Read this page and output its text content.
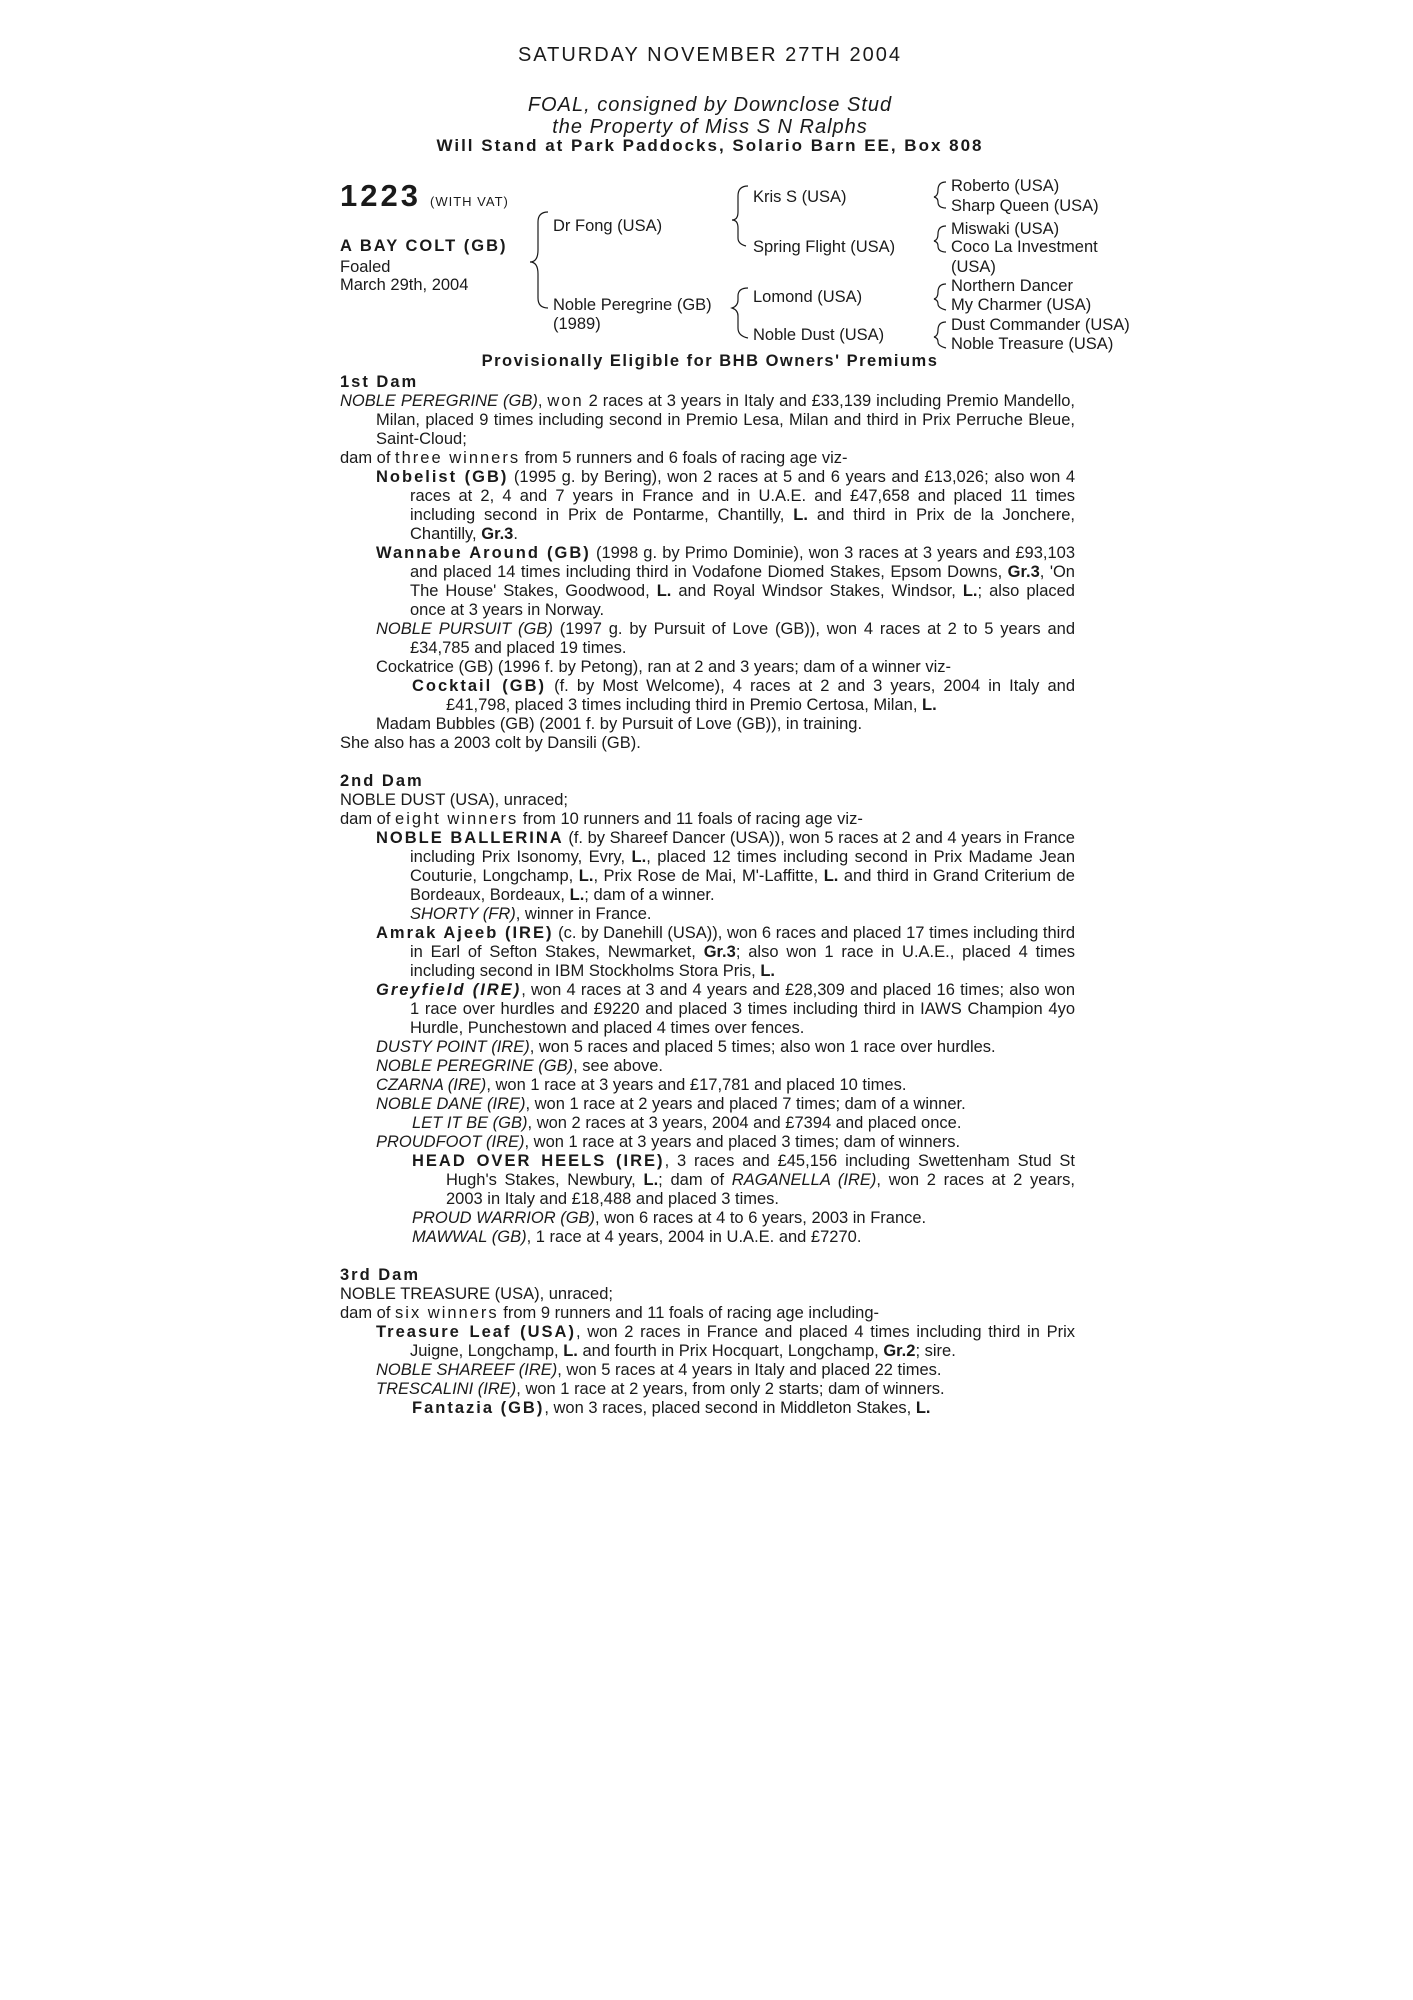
SATURDAY NOVEMBER 27TH 2004
FOAL, consigned by Downclose Stud
the Property of Miss S N Ralphs
Will Stand at Park Paddocks, Solario Barn EE, Box 808
1223 (WITH VAT)
A BAY COLT (GB)
Foaled
March 29th, 2004
Dr Fong (USA)
Noble Peregrine (GB)
(1989)
Kris S (USA)
Spring Flight (USA)
Lomond (USA)
Noble Dust (USA)
Roberto (USA)
Sharp Queen (USA)
Miswaki (USA)
Coco La Investment
(USA)
Northern Dancer
My Charmer (USA)
Dust Commander (USA)
Noble Treasure (USA)
Provisionally Eligible for BHB Owners' Premiums

1st Dam

NOBLE PEREGRINE (GB), won 2 races at 3 years in Italy and £33,139 including Premio Mandello, Milan, placed 9 times including second in Premio Lesa, Milan and third in Prix Perruche Bleue, Saint-Cloud;

dam of three winners from 5 runners and 6 foals of racing age viz-

Nobelist (GB) (1995 g. by Bering), won 2 races at 5 and 6 years and £13,026; also won 4 races at 2, 4 and 7 years in France and in U.A.E. and £47,658 and placed 11 times including second in Prix de Pontarme, Chantilly, L. and third in Prix de la Jonchere, Chantilly, Gr.3.

Wannabe Around (GB) (1998 g. by Primo Dominie), won 3 races at 3 years and £93,103 and placed 14 times including third in Vodafone Diomed Stakes, Epsom Downs, Gr.3, 'On The House' Stakes, Goodwood, L. and Royal Windsor Stakes, Windsor, L.; also placed once at 3 years in Norway.

NOBLE PURSUIT (GB) (1997 g. by Pursuit of Love (GB)), won 4 races at 2 to 5 years and £34,785 and placed 19 times.

Cockatrice (GB) (1996 f. by Petong), ran at 2 and 3 years; dam of a winner viz-

Cocktail (GB) (f. by Most Welcome), 4 races at 2 and 3 years, 2004 in Italy and £41,798, placed 3 times including third in Premio Certosa, Milan, L.

Madam Bubbles (GB) (2001 f. by Pursuit of Love (GB)), in training.

She also has a 2003 colt by Dansili (GB).

2nd Dam

NOBLE DUST (USA), unraced;

dam of eight winners from 10 runners and 11 foals of racing age viz-

NOBLE BALLERINA (f. by Shareef Dancer (USA)), won 5 races at 2 and 4 years in France including Prix Isonomy, Evry, L., placed 12 times including second in Prix Madame Jean Couturie, Longchamp, L., Prix Rose de Mai, M'-Laffitte, L. and third in Grand Criterium de Bordeaux, Bordeaux, L.; dam of a winner.

SHORTY (FR), winner in France.

Amrak Ajeeb (IRE) (c. by Danehill (USA)), won 6 races and placed 17 times including third in Earl of Sefton Stakes, Newmarket, Gr.3; also won 1 race in U.A.E., placed 4 times including second in IBM Stockholms Stora Pris, L.

Greyfield (IRE), won 4 races at 3 and 4 years and £28,309 and placed 16 times; also won 1 race over hurdles and £9220 and placed 3 times including third in IAWS Champion 4yo Hurdle, Punchestown and placed 4 times over fences.

DUSTY POINT (IRE), won 5 races and placed 5 times; also won 1 race over hurdles.

NOBLE PEREGRINE (GB), see above.

CZARNA (IRE), won 1 race at 3 years and £17,781 and placed 10 times.

NOBLE DANE (IRE), won 1 race at 2 years and placed 7 times; dam of a winner.

LET IT BE (GB), won 2 races at 3 years, 2004 and £7394 and placed once.

PROUDFOOT (IRE), won 1 race at 3 years and placed 3 times; dam of winners.

HEAD OVER HEELS (IRE), 3 races and £45,156 including Swettenham Stud St Hugh's Stakes, Newbury, L.; dam of RAGANELLA (IRE), won 2 races at 2 years, 2003 in Italy and £18,488 and placed 3 times.

PROUD WARRIOR (GB), won 6 races at 4 to 6 years, 2003 in France.

MAWWAL (GB), 1 race at 4 years, 2004 in U.A.E. and £7270.

3rd Dam

NOBLE TREASURE (USA), unraced;

dam of six winners from 9 runners and 11 foals of racing age including-

Treasure Leaf (USA), won 2 races in France and placed 4 times including third in Prix Juigne, Longchamp, L. and fourth in Prix Hocquart, Longchamp, Gr.2; sire.

NOBLE SHAREEF (IRE), won 5 races at 4 years in Italy and placed 22 times.

TRESCALINI (IRE), won 1 race at 2 years, from only 2 starts; dam of winners.

Fantazia (GB), won 3 races, placed second in Middleton Stakes, L.
